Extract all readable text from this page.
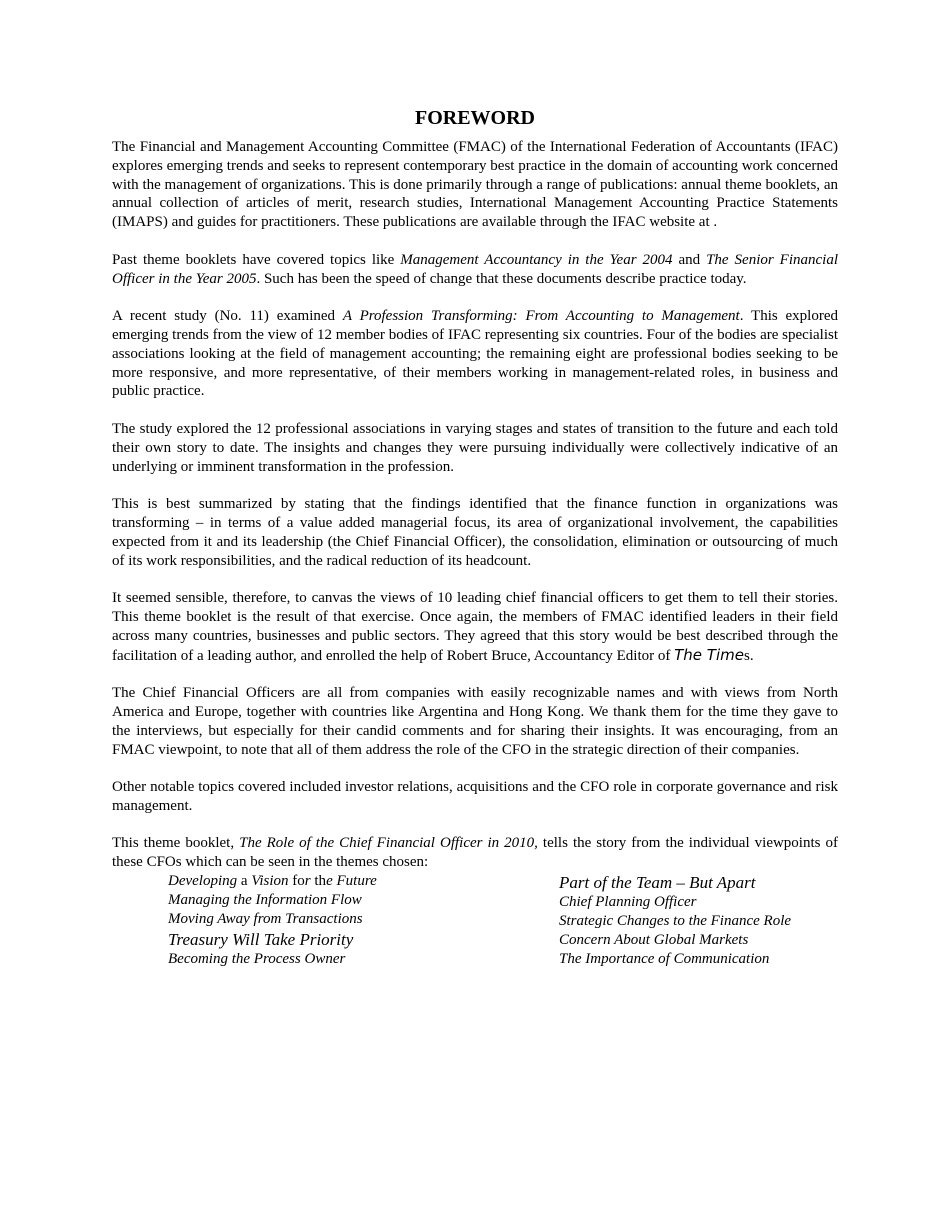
FOREWORD

The Financial and Management Accounting Committee (FMAC) of the International Federation of Accountants (IFAC) explores emerging trends and seeks to represent contemporary best practice in the domain of accounting work concerned with the management of organizations. This is done primarily through a range of publications: annual theme booklets, an annual collection of articles of merit, research studies, International Management Accounting Practice Statements (IMAPS) and guides for practitioners. These publications are available through the IFAC website at .

Past theme booklets have covered topics like Management Accountancy in the Year 2004 and The Senior Financial Officer in the Year 2005. Such has been the speed of change that these documents describe practice today.

A recent study (No. 11) examined A Profession Transforming: From Accounting to Management. This explored emerging trends from the view of 12 member bodies of IFAC representing six countries. Four of the bodies are specialist associations looking at the field of management accounting; the remaining eight are professional bodies seeking to be more responsive, and more representative, of their members working in management-related roles, in business and public practice.

The study explored the 12 professional associations in varying stages and states of transition to the future and each told their own story to date. The insights and changes they were pursuing individually were collectively indicative of an underlying or imminent transformation in the profession.

This is best summarized by stating that the findings identified that the finance function in organizations was transforming – in terms of a value added managerial focus, its area of organizational involvement, the capabilities expected from it and its leadership (the Chief Financial Officer), the consolidation, elimination or outsourcing of much of its work responsibilities, and the radical reduction of its headcount.

It seemed sensible, therefore, to canvas the views of 10 leading chief financial officers to get them to tell their stories. This theme booklet is the result of that exercise. Once again, the members of FMAC identified leaders in their field across many countries, businesses and public sectors. They agreed that this story would be best described through the facilitation of a leading author, and enrolled the help of Robert Bruce, Accountancy Editor of The Times.

The Chief Financial Officers are all from companies with easily recognizable names and with views from North America and Europe, together with countries like Argentina and Hong Kong. We thank them for the time they gave to the interviews, but especially for their candid comments and for sharing their insights. It was encouraging, from an FMAC viewpoint, to note that all of them address the role of the CFO in the strategic direction of their companies.

Other notable topics covered included investor relations, acquisitions and the CFO role in corporate governance and risk management.

This theme booklet, The Role of the Chief Financial Officer in 2010, tells the story from the individual viewpoints of these CFOs which can be seen in the themes chosen:

Developing a Vision for the Future
Managing the Information Flow
Moving Away from Transactions
Treasury Will Take Priority
Becoming the Process Owner
Part of the Team – But Apart
Chief Planning Officer
Strategic Changes to the Finance Role
Concern About Global Markets
The Importance of Communication
